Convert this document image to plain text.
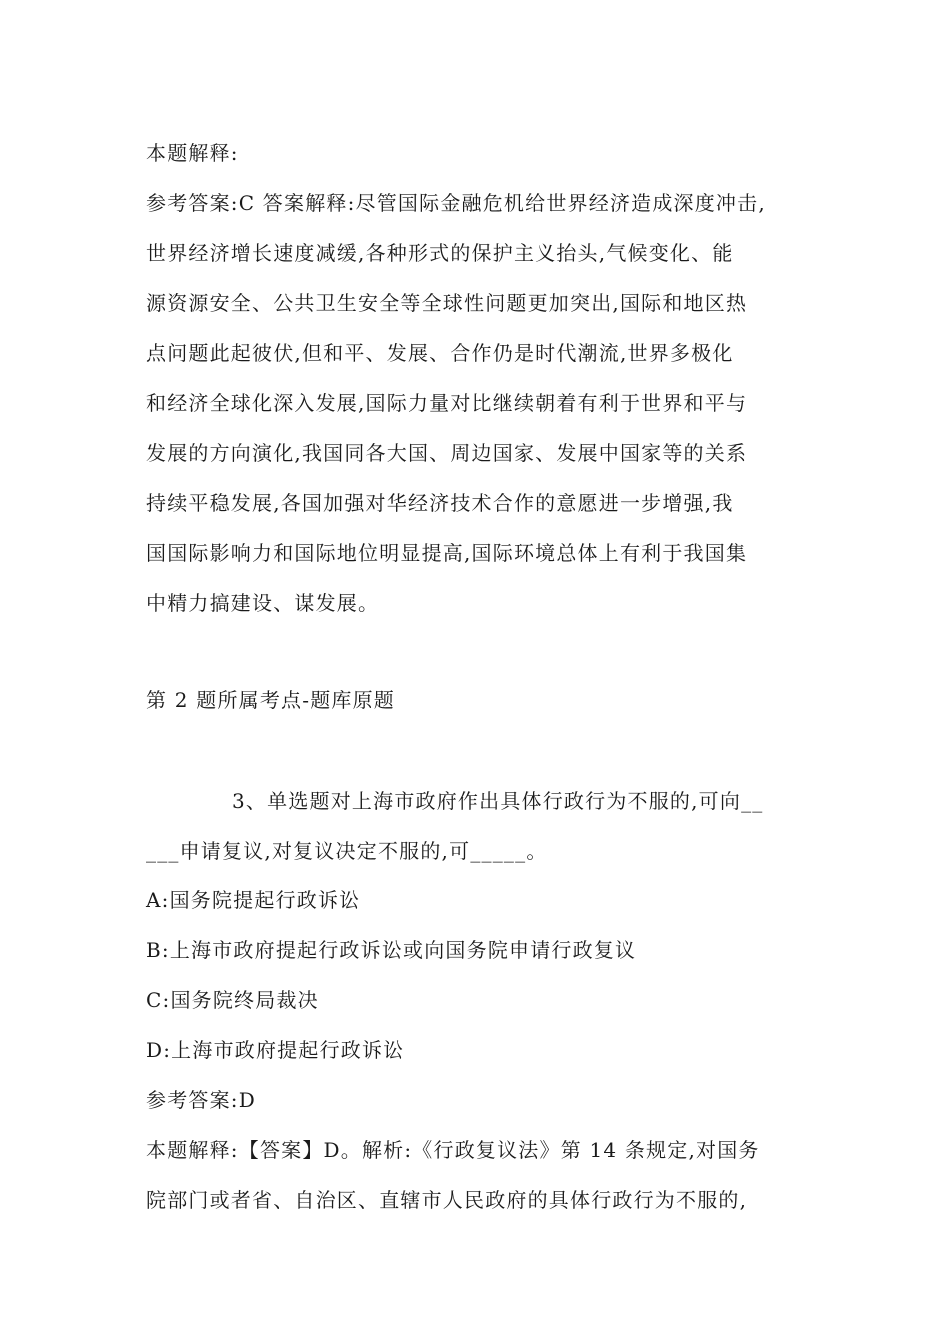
本题解释:
参考答案:C 答案解释:尽管国际金融危机给世界经济造成深度冲击,
世界经济增长速度减缓,各种形式的保护主义抬头,气候变化、能
源资源安全、公共卫生安全等全球性问题更加突出,国际和地区热
点问题此起彼伏,但和平、发展、合作仍是时代潮流,世界多极化
和经济全球化深入发展,国际力量对比继续朝着有利于世界和平与
发展的方向演化,我国同各大国、周边国家、发展中国家等的关系
持续平稳发展,各国加强对华经济技术合作的意愿进一步增强,我
国国际影响力和国际地位明显提高,国际环境总体上有利于我国集
中精力搞建设、谋发展。
第 2 题所属考点-题库原题
3、单选题对上海市政府作出具体行政行为不服的,可向__
___申请复议,对复议决定不服的,可_____。
A:国务院提起行政诉讼
B:上海市政府提起行政诉讼或向国务院申请行政复议
C:国务院终局裁决
D:上海市政府提起行政诉讼
参考答案:D
本题解释:【答案】D。解析:《行政复议法》第 14 条规定,对国务
院部门或者省、自治区、直辖市人民政府的具体行政行为不服的,
